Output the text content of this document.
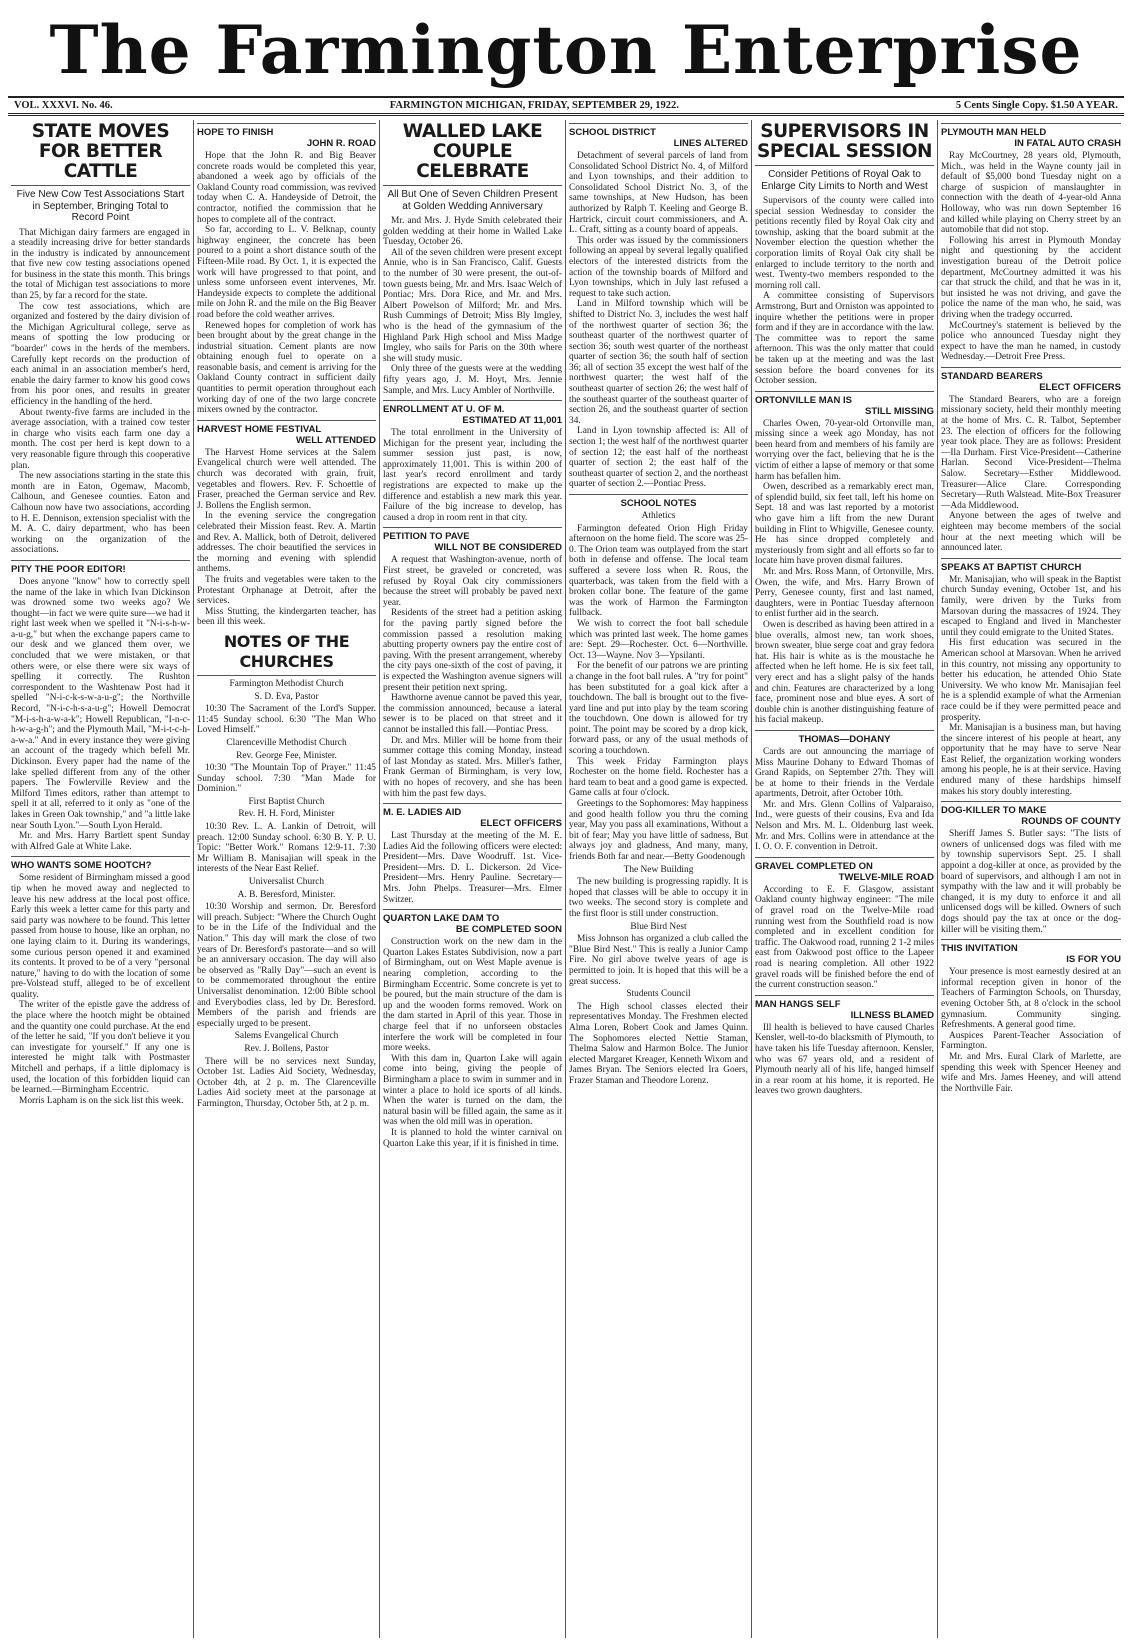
The Farmington Enterprise
VOL. XXXVI. No. 46.	FARMINGTON MICHIGAN, FRIDAY, SEPTEMBER 29, 1922.	5 Cents Single Copy. $1.50 A YEAR.
STATE MOVES FOR BETTER CATTLE
Five New Cow Test Associations Start in September, Bringing Total to Record Point

That Michigan dairy farmers are engaged in a steadily increasing drive for better standards in the industry is indicated by announcement that five new cow testing associations opened for business in the state this month. This brings the total of Michigan test associations to more than 25, by far a record for the state.

The cow test associations, which are organized and fostered by the dairy division of the Michigan Agricultural college, serve as means of spotting the low producing or "boarder" cows in the herds of the members. Carefully kept records on the production of each animal in an association member's herd, enable the dairy farmer to know his good cows from his poor ones, and results in greater efficiency in the handling of the herd.

About twenty-five farms are included in the average association, with a trained cow tester in charge who visits each farm one day a month. The cost per herd is kept down to a very reasonable figure through this cooperative plan.

The new associations starting in the state this month are in Eaton, Ogemaw, Macomb, Calhoun, and Genesee counties. Eaton and Calhoun now have two associations, according to H. E. Dennison, extension specialist with the M. A. C. dairy department, who has been working on the organization of the associations.

PITY THE POOR EDITOR!

Does anyone "know" how to correctly spell the name of the lake in which Ivan Dickinson was drowned some two weeks ago? We thought—in fact we were quite sure—we had it right last week when we spelled it "N-i-s-h-w-a-u-g," but when the exchange papers came to our desk and we glanced them over, we concluded that we were mistaken, or that others were, or else there were six ways of spelling it correctly. The Rushton correspondent to the Washtenaw Post had it spelled "N-i-c-k-s-w-a-u-g"; the Northville Record, "N-i-c-h-s-a-u-g"; Howell Democrat "M-i-s-h-a-w-a-k"; Howell Republican, "I-n-c-h-w-a-g-h"; and the Plymouth Mail, "M-i-t-c-h-a-w-a." And in every instance they were giving an account of the tragedy which befell Mr. Dickinson. Every paper had the name of the lake spelled different from any of the other papers. The Fowlerville Review and the Milford Times editors, rather than attempt to spell it at all, referred to it only as "one of the lakes in Green Oak township," and "a little lake near South Lyon."—South Lyon Herald.

Mr. and Mrs. Harry Bartlett spent Sunday with Alfred Gale at White Lake.

WHO WANTS SOME HOOTCH?

Some resident of Birmingham missed a good tip when he moved away and neglected to leave his new address at the local post office. Early this week a letter came for this party and said party was nowhere to be found. This letter passed from house to house, like an orphan, no one laying claim to it. During its wanderings, some curious person opened it and examined its contents. It proved to be of a very "personal nature," having to do with the location of some pre-Volstead stuff, alleged to be of excellent quality.

The writer of the epistle gave the address of the place where the hootch might be obtained and the quantity one could purchase. At the end of the letter he said, "If you don't believe it you can investigate for yourself." If any one is interested he might talk with Postmaster Mitchell and perhaps, if a little diplomacy is used, the location of this forbidden liquid can be learned.—Birmingham Eccentric.

Morris Lapham is on the sick list this week.

HOPE TO FINISH
JOHN R. ROAD

Hope that the John R. and Big Beaver concrete roads would be completed this year, abandoned a week ago by officials of the Oakland County road commission, was revived today when C. A. Handeyside of Detroit, the contractor, notified the commission that he hopes to complete all of the contract.

So far, according to L. V. Belknap, county highway engineer, the concrete has been poured to a point a short distance south of the Fifteen-Mile road. By Oct. 1, it is expected the work will have progressed to that point, and unless some unforseen event intervenes, Mr. Handeyside expects to complete the additional mile on John R. and the mile on the Big Beaver road before the cold weather arrives.

Renewed hopes for completion of work has been brought about by the great change in the industrial situation. Cement plants are now obtaining enough fuel to operate on a reasonable basis, and cement is arriving for the Oakland County contract in sufficient daily quantities to permit operation throughout each working day of one of the two large concrete mixers owned by the contractor.

HARVEST HOME FESTIVAL
WELL ATTENDED

The Harvest Home services at the Salem Evangelical church were well attended. The church was decorated with grain, fruit, vegetables and flowers. Rev. F. Schoettle of Fraser, preached the German service and Rev. J. Bollens the English sermon.

In the evening service the congregation celebrated their Mission feast. Rev. A. Martin and Rev. A. Mallick, both of Detroit, delivered addresses. The choir beautified the services in the morning and evening with splendid anthems.

The fruits and vegetables were taken to the Protestant Orphanage at Detroit, after the services.

Miss Stutting, the kindergarten teacher, has been ill this week.

NOTES OF THE CHURCHES
Farmington Methodist Church
S. D. Eva, Pastor

10:30 The Sacrament of the Lord's Supper. 11:45 Sunday school. 6:30 "The Man Who Loved Himself."

Clarenceville Methodist Church
Rev. George Fee, Minister.

10:30 "The Mountain Top of Prayer." 11:45 Sunday school. 7:30 "Man Made for Dominion."

First Baptist Church
Rev. H. H. Ford, Minister

10:30 Rev. L. A. Lankin of Detroit, will preach. 12:00 Sunday school. 6:30 B. Y. P. U. Topic: "Better Work." Romans 12:9-11. 7:30 Mr William B. Manisajian will speak in the interests of the Near East Relief.

Universalist Church
A. B. Beresford, Minister.

10:30 Worship and sermon. Dr. Beresford will preach. Subject: "Where the Church Ought to be in the Life of the Individual and the Nation." This day will mark the close of two years of Dr. Beresford's pastorate—and so will be an anniversary occasion. The day will also be observed as "Rally Day"—such an event is to be commemorated throughout the entire Universalist denomination. 12:00 Bible school and Everybodies class, led by Dr. Beresford. Members of the parish and friends are especially urged to be present.

Salems Evangelical Church
Rev. J. Bollens, Pastor

There will be no services next Sunday, October 1st. Ladies Aid Society, Wednesday, October 4th, at 2 p. m. The Clarenceville Ladies Aid society meet at the parsonage at Farmington, Thursday, October 5th, at 2 p. m.

WALLED LAKE COUPLE CELEBRATE
All But One of Seven Children Present at Golden Wedding Anniversary

Mr. and Mrs. J. Hyde Smith celebrated their golden wedding at their home in Walled Lake Tuesday, October 26.

All of the seven children were present except Annie, who is in San Francisco, Calif. Guests to the number of 30 were present, the out-of-town guests being, Mr. and Mrs. Isaac Welch of Pontiac; Mrs. Dora Rice, and Mr. and Mrs. Albert Powelson of Milford; Mr. and Mrs. Rush Cummings of Detroit; Miss Bly Imgley, who is the head of the gymnasium of the Highland Park High school and Miss Madge Imgley, who sails for Paris on the 30th where she will study music.

Only three of the guests were at the wedding fifty years ago, J. M. Hoyt, Mrs. Jennie Sample, and Mrs. Lucy Ambler of Northville.

ENROLLMENT AT U. OF M.
ESTIMATED AT 11,001

The total enrollment in the University of Michigan for the present year, including the summer session just past, is now, approximately 11,001. This is within 200 of last year's record enrollment and tardy registrations are expected to make up the difference and establish a new mark this year. Failure of the big increase to develop, has caused a drop in room rent in that city.

PETITION TO PAVE
WILL NOT BE CONSIDERED

A request that Washington-avenue, north of First street, be graveled or concreted, was refused by Royal Oak city commissioners because the street will probably be paved next year.

Residents of the street had a petition asking for the paving partly signed before the commission passed a resolution making abutting property owners pay the entire cost of paving. With the present arrangement, whereby the city pays one-sixth of the cost of paving, it is expected the Washington avenue signers will present their petition next spring.

Hawthorne avenue cannot be paved this year, the commission announced, because a lateral sewer is to be placed on that street and it cannot be installed this fall.—Pontiac Press.

Dr. and Mrs. Miller will be home from their summer cottage this coming Monday, instead of last Monday as stated. Mrs. Miller's father, Frank German of Birmingham, is very low, with no hopes of recovery, and she has been with him the past few days.

M. E. LADIES AID
ELECT OFFICERS

Last Thursday at the meeting of the M. E. Ladies Aid the following officers were elected: President—Mrs. Dave Woodruff. 1st. Vice-President—Mrs. D. L. Dickerson. 2d Vice-President—Mrs. Henry Pauline. Secretary—Mrs. John Phelps. Treasurer—Mrs. Elmer Switzer.

QUARTON LAKE DAM TO
BE COMPLETED SOON

Construction work on the new dam in the Quarton Lakes Estates Subdivision, now a part of Birmingham, out on West Maple avenue is nearing completion, according to the Birmingham Eccentric. Some concrete is yet to be poured, but the main structure of the dam is up and the wooden forms removed. Work on the dam started in April of this year. Those in charge feel that if no unforseen obstacles interfere the work will be completed in four more weeks.

With this dam in, Quarton Lake will again come into being, giving the people of Birmingham a place to swim in summer and in winter a place to hold ice sports of all kinds. When the water is turned on the dam, the natural basin will be filled again, the same as it was when the old mill was in operation.

It is planned to hold the winter carnival on Quarton Lake this year, if it is finished in time.

SCHOOL DISTRICT
LINES ALTERED

Detachment of several parcels of land from Consolidated School District No. 4, of Milford and Lyon townships, and their addition to Consolidated School District No. 3, of the same townships, at New Hudson, has been authorized by Ralph T. Keeling and George B. Hartrick, circuit court commissioners, and A. L. Craft, sitting as a county board of appeals.

This order was issued by the commissioners following an appeal by several legally qualified electors of the interested districts from the action of the township boards of Milford and Lyon townships, which in July last refused a request to take such action.

Land in Milford township which will be shifted to District No. 3, includes the west half of the northwest quarter of section 36; the southeast quarter of the northwest quarter of section 36; south west quarter of the northeast quarter of section 36; the south half of section 36; all of section 35 except the west half of the northwest quarter; the west half of the southeast quarter of section 26; the west half of the southeast quarter of the southeast quarter of section 26, and the southeast quarter of section 34.

Land in Lyon township affected is: All of section 1; the west half of the northwest quarter of section 12; the east half of the northeast quarter of section 2; the east half of the southeast quarter of section 2, and the northeast quarter of section 2.—Pontiac Press.

SCHOOL NOTES
Athletics

Farmington defeated Orion High Friday afternoon on the home field. The score was 25-0. The Orion team was outplayed from the start both in defense and offense. The local team suffered a severe loss when R. Rous, the quarterback, was taken from the field with a broken collar bone. The feature of the game was the work of Harmon the Farmington fullback.

We wish to correct the foot ball schedule which was printed last week. The home games are: Sept. 29—Rochester. Oct. 6—Northville. Oct. 13—Wayne. Nov 3—Ypsilanti.

For the benefit of our patrons we are printing a change in the foot ball rules. A "try for point" has been substituted for a goal kick after a touchdown. The ball is brought out to the five-yard line and put into play by the team scoring the touchdown. One down is allowed for try point. The point may be scored by a drop kick, forward pass, or any of the usual methods of scoring a touchdown.

This week Friday Farmington plays Rochester on the home field. Rochester has a hard team to beat and a good game is expected. Game calls at four o'clock.

Greetings to the Sophomores: May happiness and good health follow you thru the coming year, May you pass all examinations, Without a bit of fear; May you have little of sadness, But always joy and gladness, And many, many, friends Both far and near.—Betty Goodenough

The New Building

The new building is progressing rapidly. It is hoped that classes will be able to occupy it in two weeks. The second story is complete and the first floor is still under construction.

Blue Bird Nest

Miss Johnson has organized a club called the "Blue Bird Nest." This is really a Junior Camp Fire. No girl above twelve years of age is permitted to join. It is hoped that this will be a great success.

Students Council

The High school classes elected their representatives Monday. The Freshmen elected Alma Loren, Robert Cook and James Quinn. The Sophomores elected Nettie Staman, Thelma Salow and Harmon Bolce. The Junior elected Margaret Kreager, Kenneth Wixom and James Bryan. The Seniors elected Ira Goers, Frazer Staman and Theodore Lorenz.

SUPERVISORS IN SPECIAL SESSION
Consider Petitions of Royal Oak to Enlarge City Limits to North and West

Supervisors of the county were called into special session Wednesday to consider the petitions recently filed by Royal Oak city and township, asking that the board submit at the November election the question whether the corporation limits of Royal Oak city shall be enlarged to include territory to the north and west. Twenty-two members responded to the morning roll call.

A committee consisting of Supervisors Armstrong, Burt and Orniston was appointed to inquire whether the petitions were in proper form and if they are in accordance with the law. The committee was to report the same afternoon. This was the only matter that could be taken up at the meeting and was the last session before the board convenes for its October session.

ORTONVILLE MAN IS
STILL MISSING

Charles Owen, 70-year-old Ortonville man, missing since a week ago Monday, has not been heard from and members of his family are worrying over the fact, believing that he is the victim of either a lapse of memory or that some harm has befallen him.

Owen, described as a remarkably erect man, of splendid build, six feet tall, left his home on Sept. 18 and was last reported by a motorist who gave him a lift from the new Durant building in Flint to Whigville, Genesee county. He has since dropped completely and mysteriously from sight and all efforts so far to locate him have proven dismal failures.

Mr. and Mrs. Ross Mann, of Ortonville, Mrs. Owen, the wife, and Mrs. Harry Brown of Perry, Genesee county, first and last named, daughters, were in Pontiac Tuesday afternoon to enlist further aid in the search.

Owen is described as having been attired in a blue overalls, almost new, tan work shoes, brown sweater, blue serge coat and gray fedora hat. His hair is white as is the moustache he affected when he left home. He is six feet tall, very erect and has a slight palsy of the hands and chin. Features are characterized by a long face, prominent nose and blue eyes. A sort of double chin is another distinguishing feature of his facial makeup.

THOMAS—DOHANY

Cards are out announcing the marriage of Miss Maurine Dohany to Edward Thomas of Grand Rapids, on September 27th. They will be at home to their friends in the Verdale apartments, Detroit, after October 10th.

Mr. and Mrs. Glenn Collins of Valparaiso, Ind., were guests of their cousins, Eva and Ida Nelson and Mrs. M. L. Oldenburg last week. Mr. and Mrs. Collins were in attendance at the I. O. O. F. convention in Detroit.

GRAVEL COMPLETED ON
TWELVE-MILE ROAD

According to E. F. Glasgow, assistant Oakland county highway engineer: "The mile of gravel road on the Twelve-Mile road running west from the Southfield road is now completed and in excellent condition for traffic. The Oakwood road, running 2 1-2 miles east from Oakwood post office to the Lapeer road is nearing completion. All other 1922 gravel roads will be finished before the end of the current construction season."

MAN HANGS SELF
ILLNESS BLAMED

Ill health is believed to have caused Charles Kensler, well-to-do blacksmith of Plymouth, to have taken his life Tuesday afternoon. Kensler, who was 67 years old, and a resident of Plymouth nearly all of his life, hanged himself in a rear room at his home, it is reported. He leaves two grown daughters.

PLYMOUTH MAN HELD
IN FATAL AUTO CRASH

Ray McCourtney, 28 years old, Plymouth, Mich., was held in the Wayne county jail in default of $5,000 bond Tuesday night on a charge of suspicion of manslaughter in connection with the death of 4-year-old Anna Holloway, who was run down September 16 and killed while playing on Cherry street by an automobile that did not stop.

Following his arrest in Plymouth Monday night and questioning by the accident investigation bureau of the Detroit police department, McCourtney admitted it was his car that struck the child, and that he was in it, but insisted he was not driving, and gave the police the name of the man who, he said, was driving when the tradegy occurred.

McCourtney's statement is believed by the police who announced Tuesday night they expect to have the man he named, in custody Wednesday.—Detroit Free Press.

STANDARD BEARERS
ELECT OFFICERS

The Standard Bearers, who are a foreign missionary society, held their monthly meeting at the home of Mrs. C. R. Talbot, September 23. The election of officers for the following year took place. They are as follows: President—Ila Durham. First Vice-President—Catherine Harlan. Second Vice-President—Thelma Salow. Secretary—Esther Middlewood. Treasurer—Alice Clare. Corresponding Secretary—Ruth Walstead. Mite-Box Treasurer—Ada Middlewood.

Anyone between the ages of twelve and eighteen may become members of the social hour at the next meeting which will be announced later.

SPEAKS AT BAPTIST CHURCH

Mr. Manisajian, who will speak in the Baptist church Sunday evening, October 1st, and his family, were driven by the Turks from Marsovan during the massacres of 1924. They escaped to England and lived in Manchester until they could emigrate to the United States.

His first education was secured in the American school at Marsovan. When he arrived in this country, not missing any opportunity to better his education, he attended Ohio State University. We who know Mr. Manisajian feel he is a splendid example of what the Armenian race could be if they were permitted peace and prosperity.

Mr. Manisajian is a business man, but having the sincere interest of his people at heart, any opportunity that he may have to serve Near East Relief, the organization working wonders among his people, he is at their service. Having endured many of these hardships himself makes his story doubly interesting.

DOG-KILLER TO MAKE
ROUNDS OF COUNTY

Sheriff James S. Butler says: "The lists of owners of unlicensed dogs was filed with me by township supervisors Sept. 25. I shall appoint a dog-killer at once, as provided by the board of supervisors, and although I am not in sympathy with the law and it will probably be changed, it is my duty to enforce it and all unlicensed dogs will be killed. Owners of such dogs should pay the tax at once or the dog-killer will be visiting them."

THIS INVITATION
IS FOR YOU

Your presence is most earnestly desired at an informal reception given in honor of the Teachers of Farmington Schools, on Thursday, evening October 5th, at 8 o'clock in the school gymnasium. Community singing. Refreshments. A general good time.

Auspices Parent-Teacher Association of Farmington.

Mr. and Mrs. Eural Clark of Marlette, are spending this week with Spencer Heeney and wife and Mrs. James Heeney, and will attend the Northville Fair.
